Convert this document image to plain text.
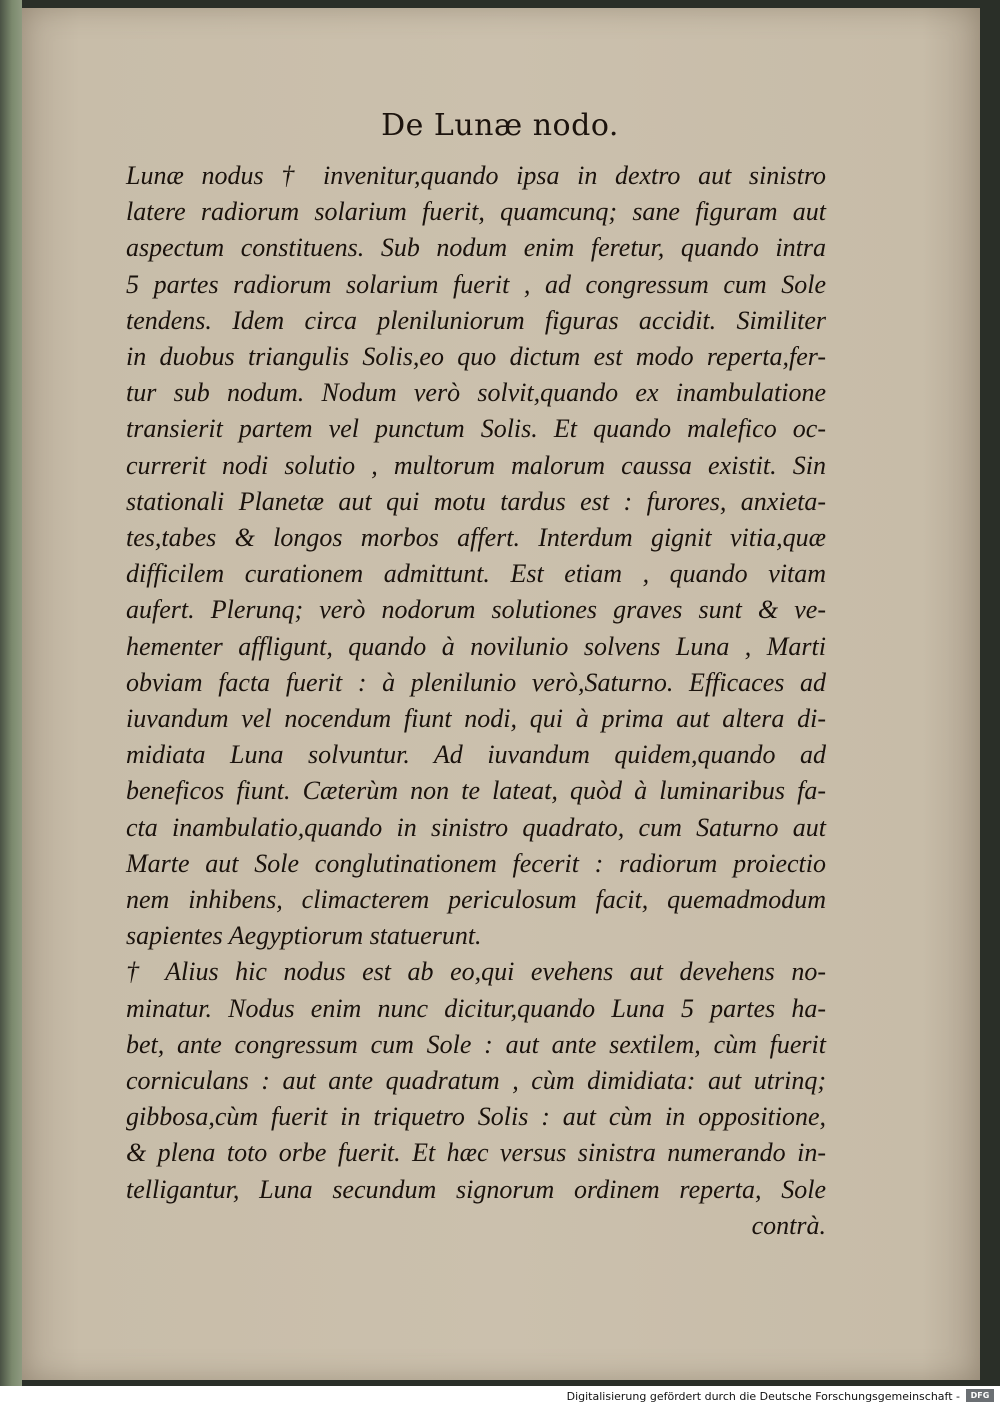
De Lunæ nodo.
Lunæ nodus † invenitur,quando ipsa in dextro aut sinistro
latere radiorum solarium fuerit, quamcunq; sane figuram aut
aspectum constituens. Sub nodum enim feretur, quando intra
5 partes radiorum solarium fuerit , ad congressum cum Sole
tendens. Idem circa pleniluniorum figuras accidit. Similiter
in duobus triangulis Solis,eo quo dictum est modo reperta,fer-
tur sub nodum. Nodum verò solvit,quando ex inambulatione
transierit partem vel punctum Solis. Et quando malefico oc-
currerit nodi solutio , multorum malorum caussa existit. Sin
stationali Planetæ aut qui motu tardus est : furores, anxieta-
tes,tabes & longos morbos affert. Interdum gignit vitia,quæ
difficilem curationem admittunt. Est etiam , quando vitam
aufert. Plerunq; verò nodorum solutiones graves sunt & ve-
hementer affligunt, quando à novilunio solvens Luna , Marti
obviam facta fuerit : à plenilunio verò,Saturno. Efficaces ad
iuvandum vel nocendum fiunt nodi, qui à prima aut altera di-
midiata Luna solvuntur. Ad iuvandum quidem,quando ad
beneficos fiunt. Cæterùm non te lateat, quòd à luminaribus fa-
cta inambulatio,quando in sinistro quadrato, cum Saturno aut
Marte aut Sole conglutinationem fecerit : radiorum proiectio
nem inhibens, climacterem periculosum facit, quemadmodum
sapientes Aegyptiorum statuerunt.
† Alius hic nodus est ab eo,qui evehens aut devehens no-
minatur. Nodus enim nunc dicitur,quando Luna 5 partes ha-
bet, ante congressum cum Sole : aut ante sextilem, cùm fuerit
corniculans : aut ante quadratum , cùm dimidiata: aut utrinq;
gibbosa,cùm fuerit in triquetro Solis : aut cùm in oppositione,
& plena toto orbe fuerit. Et hæc versus sinistra numerando in-
telligantur, Luna secundum signorum ordinem reperta, Sole
contrà.
Digitalisierung gefördert durch die Deutsche Forschungsgemeinschaft -	DFG
